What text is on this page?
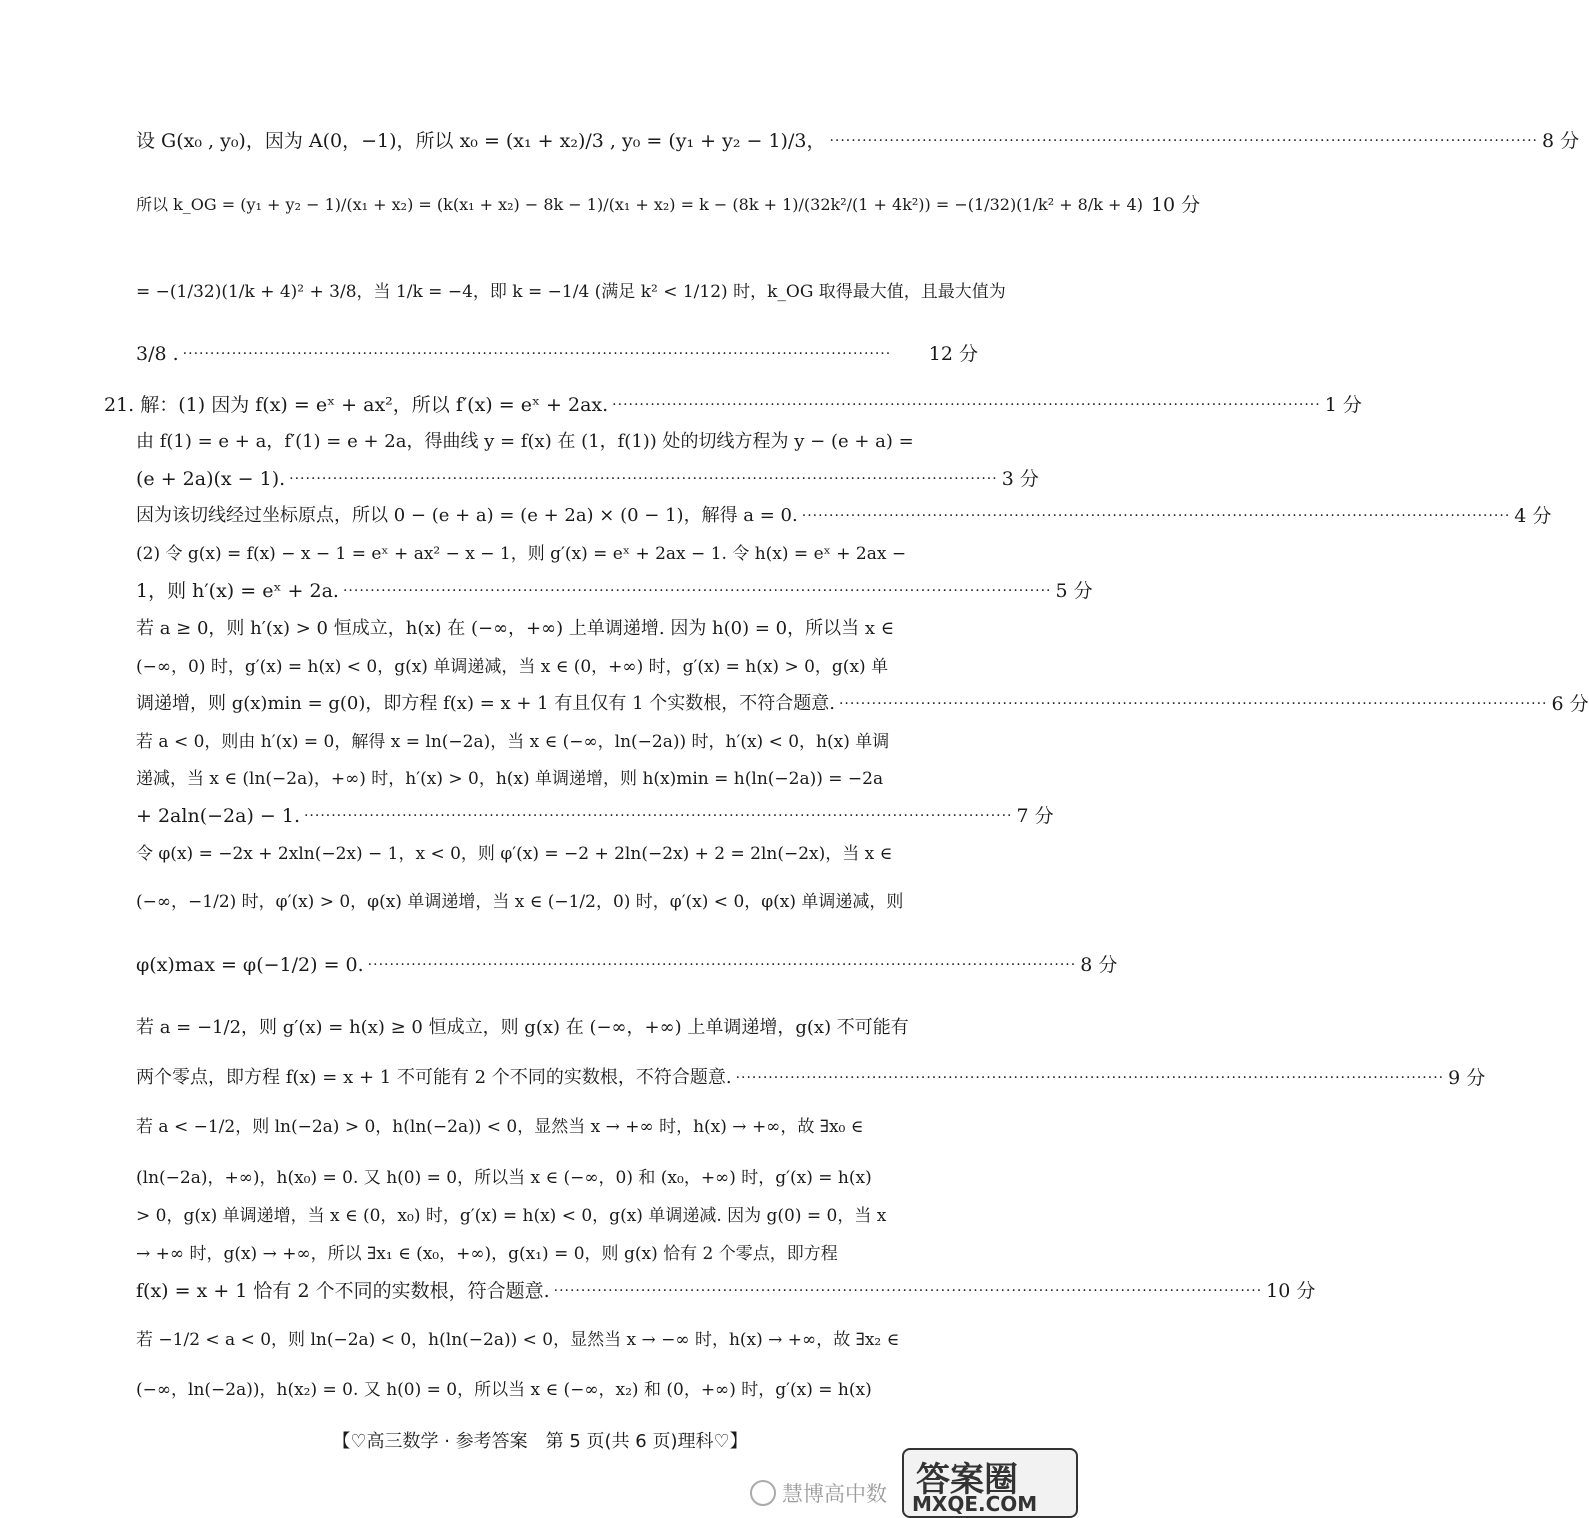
设 G(x₀ , y₀)，因为 A(0，−1)，所以 x₀ = (x₁ + x₂)/3 , y₀ = (y₁ + y₂ − 1)/3， ·····	8 分
所以 k_OG = (y₁ + y₂ − 1)/(x₁ + x₂) = (k(x₁ + x₂) − 8k − 1)/(x₁ + x₂) = k − (8k + 1)/(32k²/(1 + 4k²)) = −(1/32)(1/k² + 8/k + 4) 10 分
= −(1/32)(1/k + 4)² + 3/8，当 1/k = −4，即 k = −1/4 (满足 k² < 1/12) 时，k_OG 取得最大值，且最大值为
3/8 . ·····	12 分
21. 解：(1) 因为 f(x) = eˣ + ax²，所以 f′(x) = eˣ + 2ax. ·····	1 分
由 f(1) = e + a，f′(1) = e + 2a，得曲线 y = f(x) 在 (1，f(1)) 处的切线方程为 y − (e + a) =
(e + 2a)(x − 1). ·····	3 分
因为该切线经过坐标原点，所以 0 − (e + a) = (e + 2a) × (0 − 1)，解得 a = 0. ·····	4 分
(2) 令 g(x) = f(x) − x − 1 = eˣ + ax² − x − 1，则 g′(x) = eˣ + 2ax − 1. 令 h(x) = eˣ + 2ax −
1，则 h′(x) = eˣ + 2a. ·····	5 分
若 a ≥ 0，则 h′(x) > 0 恒成立，h(x) 在 (−∞，+∞) 上单调递增. 因为 h(0) = 0，所以当 x ∈
(−∞，0) 时，g′(x) = h(x) < 0，g(x) 单调递减，当 x ∈ (0，+∞) 时，g′(x) = h(x) > 0，g(x) 单
调递增，则 g(x)min = g(0)，即方程 f(x) = x + 1 有且仅有 1 个实数根，不符合题意. ·····	6 分
若 a < 0，则由 h′(x) = 0，解得 x = ln(−2a)，当 x ∈ (−∞，ln(−2a)) 时，h′(x) < 0，h(x) 单调
递减，当 x ∈ (ln(−2a)，+∞) 时，h′(x) > 0，h(x) 单调递增，则 h(x)min = h(ln(−2a)) = −2a
+ 2aln(−2a) − 1. ·····	7 分
令 φ(x) = −2x + 2xln(−2x) − 1，x < 0，则 φ′(x) = −2 + 2ln(−2x) + 2 = 2ln(−2x)，当 x ∈
(−∞，−1/2) 时，φ′(x) > 0，φ(x) 单调递增，当 x ∈ (−1/2，0) 时，φ′(x) < 0，φ(x) 单调递减，则
φ(x)max = φ(−1/2) = 0. ·····	8 分
若 a = −1/2，则 g′(x) = h(x) ≥ 0 恒成立，则 g(x) 在 (−∞，+∞) 上单调递增，g(x) 不可能有
两个零点，即方程 f(x) = x + 1 不可能有 2 个不同的实数根，不符合题意. ·····	9 分
若 a < −1/2，则 ln(−2a) > 0，h(ln(−2a)) < 0，显然当 x → +∞ 时，h(x) → +∞，故 ∃x₀ ∈
(ln(−2a)，+∞)，h(x₀) = 0. 又 h(0) = 0，所以当 x ∈ (−∞，0) 和 (x₀，+∞) 时，g′(x) = h(x)
> 0，g(x) 单调递增，当 x ∈ (0，x₀) 时，g′(x) = h(x) < 0，g(x) 单调递减. 因为 g(0) = 0，当 x
→ +∞ 时，g(x) → +∞，所以 ∃x₁ ∈ (x₀，+∞)，g(x₁) = 0，则 g(x) 恰有 2 个零点，即方程
f(x) = x + 1 恰有 2 个不同的实数根，符合题意. ·····	10 分
若 −1/2 < a < 0，则 ln(−2a) < 0，h(ln(−2a)) < 0，显然当 x → −∞ 时，h(x) → +∞，故 ∃x₂ ∈
(−∞，ln(−2a))，h(x₂) = 0. 又 h(0) = 0，所以当 x ∈ (−∞，x₂) 和 (0，+∞) 时，g′(x) = h(x)
【♡高三数学 · 参考答案　第 5 页(共 6 页)理科♡】
慧博高中数 答案圈
MXQE.COM
